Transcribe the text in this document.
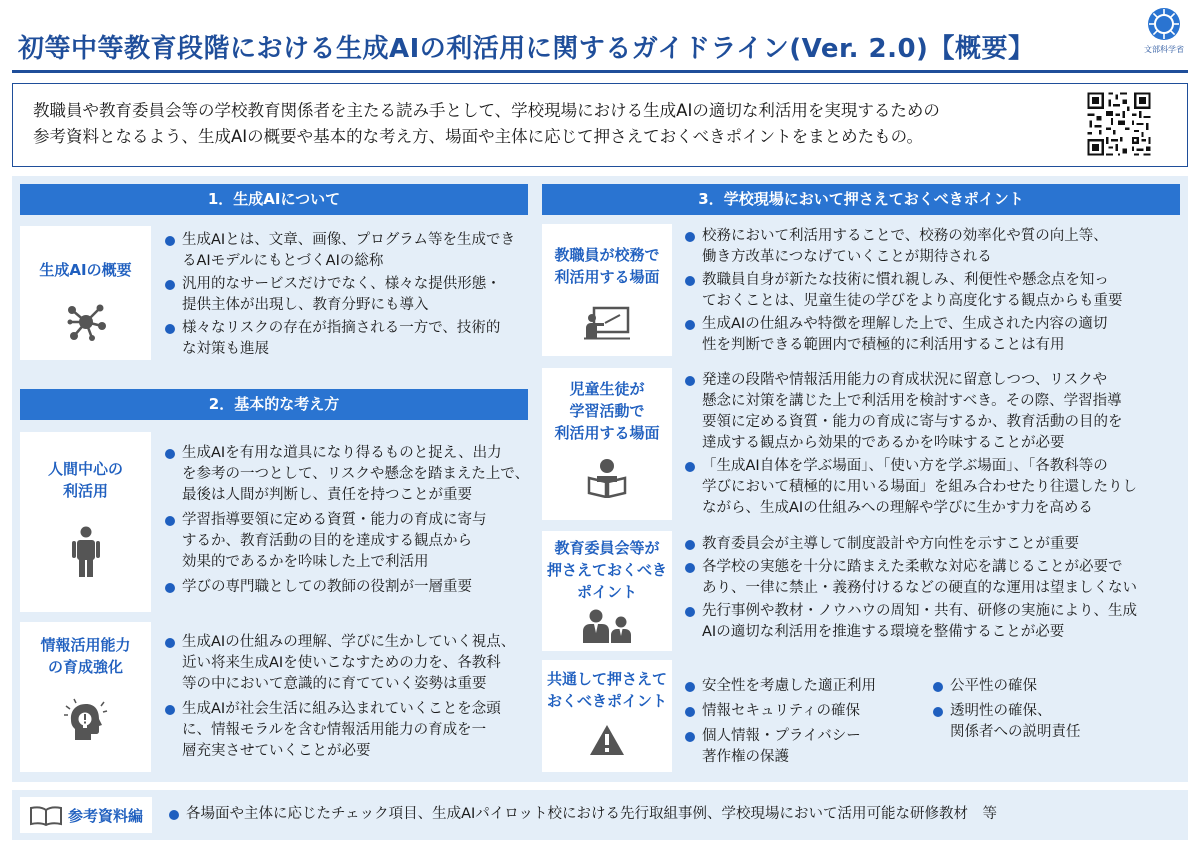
初等中等教育段階における生成AIの利活用に関するガイドライン(Ver. 2.0)【概要】	文部科学省
教職員や教育委員会等の学校教育関係者を主たる読み手として、学校現場における生成AIの適切な利活用を実現するための
参考資料となるよう、生成AIの概要や基本的な考え方、場面や主体に応じて押さえておくべきポイントをまとめたもの。
1．生成AIについて
生成AIの概要
生成AIとは、文章、画像、プログラム等を生成でき
るAIモデルにもとづくAIの総称
汎用的なサービスだけでなく、様々な提供形態・
提供主体が出現し、教育分野にも導入
様々なリスクの存在が指摘される一方で、技術的
な対策も進展
2．基本的な考え方
人間中心の
利活用
生成AIを有用な道具になり得るものと捉え、出力
を参考の一つとして、リスクや懸念を踏まえた上で、
最後は人間が判断し、責任を持つことが重要
学習指導要領に定める資質・能力の育成に寄与
するか、教育活動の目的を達成する観点から
効果的であるかを吟味した上で利活用
学びの専門職としての教師の役割が一層重要
情報活用能力
の育成強化
生成AIの仕組みの理解、学びに生かしていく視点、
近い将来生成AIを使いこなすための力を、各教科
等の中において意識的に育てていく姿勢は重要
生成AIが社会生活に組み込まれていくことを念頭
に、情報モラルを含む情報活用能力の育成を一
層充実させていくことが必要
3．学校現場において押さえておくべきポイント
教職員が校務で
利活用する場面
校務において利活用することで、校務の効率化や質の向上等、
働き方改革につなげていくことが期待される
教職員自身が新たな技術に慣れ親しみ、利便性や懸念点を知っ
ておくことは、児童生徒の学びをより高度化する観点からも重要
生成AIの仕組みや特徴を理解した上で、生成された内容の適切
性を判断できる範囲内で積極的に利活用することは有用
児童生徒が
学習活動で
利活用する場面
発達の段階や情報活用能力の育成状況に留意しつつ、リスクや
懸念に対策を講じた上で利活用を検討すべき。その際、学習指導
要領に定める資質・能力の育成に寄与するか、教育活動の目的を
達成する観点から効果的であるかを吟味することが必要
「生成AI自体を学ぶ場面」、「使い方を学ぶ場面」、「各教科等の
学びにおいて積極的に用いる場面」を組み合わせたり往還したりし
ながら、生成AIの仕組みへの理解や学びに生かす力を高める
教育委員会等が
押さえておくべき
ポイント
教育委員会が主導して制度設計や方向性を示すことが重要
各学校の実態を十分に踏まえた柔軟な対応を講じることが必要で
あり、一律に禁止・義務付けるなどの硬直的な運用は望ましくない
先行事例や教材・ノウハウの周知・共有、研修の実施により、生成
AIの適切な利活用を推進する環境を整備することが必要
共通して押さえて
おくべきポイント
安全性を考慮した適正利用
情報セキュリティの確保
個人情報・プライバシー
著作権の保護
公平性の確保
透明性の確保、
関係者への説明責任
参考資料編	各場面や主体に応じたチェック項目、生成AIパイロット校における先行取組事例、学校現場において活用可能な研修教材　等
